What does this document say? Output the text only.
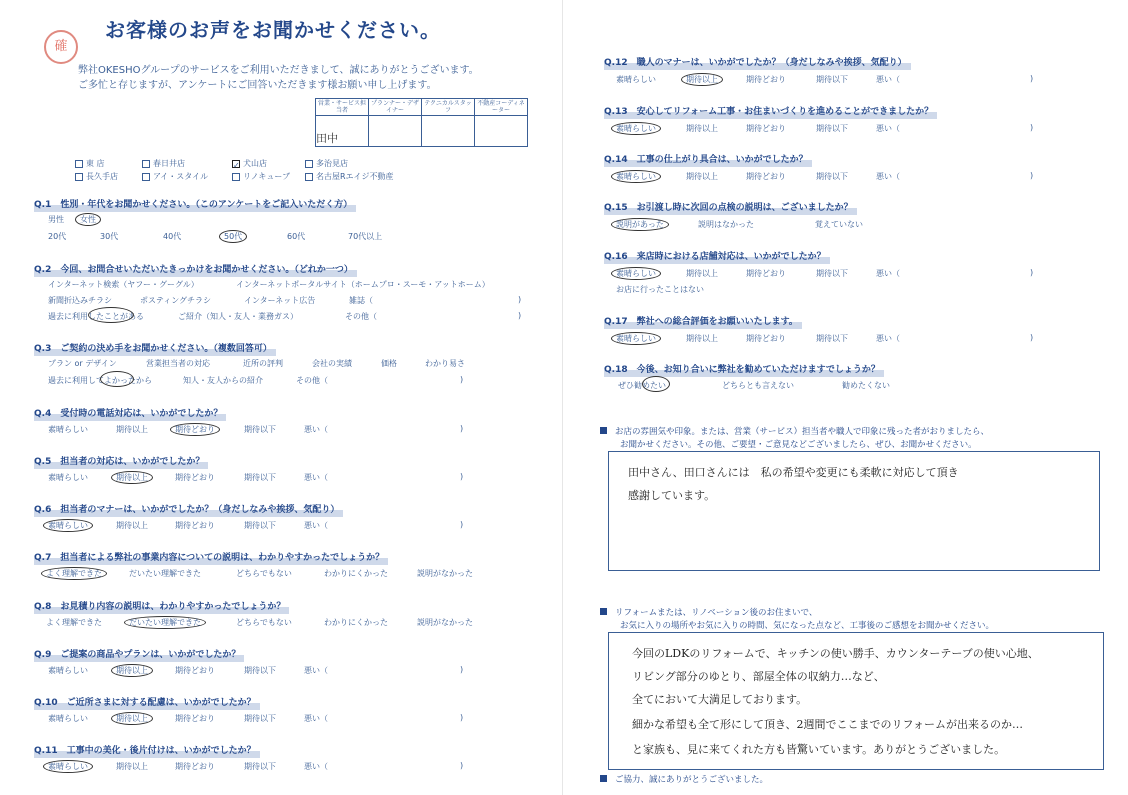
確
お客様のお声をお聞かせください。
弊社OKESHOグループのサービスをご利用いただきまして、誠にありがとうございます。
ご多忙と存じますが、アンケートにご回答いただきます様お願い申し上げます。
営業・サービス担当者	プランナー・デザイナー	テクニカルスタッフ	不動産コーディネーター
田中			
東 店	春日井店	✓ 犬山店	多治見店
長久手店	アイ・スタイル	リノキューブ	名古屋Rエイジ不動産
Q.1　性別・年代をお聞かせください。（このアンケートをご記入いただく方）
男性 女性
20代	30代	40代	50代	60代	70代以上
Q.2　今回、お問合せいただいたきっかけをお聞かせください。（どれか一つ）
インターネット検索（ヤフー・グーグル）	インターネットポータルサイト（ホームプロ・スーモ・アットホーム）
新聞折込みチラシ	ポスティングチラシ	インターネット広告	雑誌（	)
過去に利用したことがある	ご紹介（知人・友人・業務ガス）	その他（	)
Q.3　ご契約の決め手をお聞かせください。（複数回答可）
プラン or デザイン	営業担当者の対応	近所の評判	会社の実績	価格	わかり易さ
過去に利用してよかったから	知人・友人からの紹介	その他（	)
Q.4　受付時の電話対応は、いかがでしたか？
素晴らしい	期待以上	期待どおり	期待以下	悪い（	)
Q.5　担当者の対応は、いかがでしたか？
素晴らしい	期待以上	期待どおり	期待以下	悪い（	)
Q.6　担当者のマナーは、いかがでしたか？（身だしなみや挨拶、気配り）
素晴らしい	期待以上	期待どおり	期待以下	悪い（	)
Q.7　担当者による弊社の事業内容についての説明は、わかりやすかったでしょうか？
よく理解できた	だいたい理解できた	どちらでもない	わかりにくかった	説明がなかった
Q.8　お見積り内容の説明は、わかりやすかったでしょうか？
よく理解できた	だいたい理解できた	どちらでもない	わかりにくかった	説明がなかった
Q.9　ご提案の商品やプランは、いかがでしたか？
素晴らしい	期待以上	期待どおり	期待以下	悪い（	)
Q.10　ご近所さまに対する配慮は、いかがでしたか？
素晴らしい	期待以上	期待どおり	期待以下	悪い（	)
Q.11　工事中の美化・後片付けは、いかがでしたか？
素晴らしい	期待以上	期待どおり	期待以下	悪い（	)
Q.12　職人のマナーは、いかがでしたか？（身だしなみや挨拶、気配り）
素晴らしい	期待以上	期待どおり	期待以下	悪い（	)
Q.13　安心してリフォーム工事・お住まいづくりを進めることができましたか？
素晴らしい	期待以上	期待どおり	期待以下	悪い（	)
Q.14　工事の仕上がり具合は、いかがでしたか？
素晴らしい	期待以上	期待どおり	期待以下	悪い（	)
Q.15　お引渡し時に次回の点検の説明は、ございましたか？
説明があった	説明はなかった	覚えていない
Q.16　来店時における店舗対応は、いかがでしたか？
素晴らしい	期待以上	期待どおり	期待以下	悪い（	)
お店に行ったことはない
Q.17　弊社への総合評価をお願いいたします。
素晴らしい	期待以上	期待どおり	期待以下	悪い（	)
Q.18　今後、お知り合いに弊社を勧めていただけますでしょうか？
ぜひ勧めたい	どちらとも言えない	勧めたくない
お店の雰囲気や印象。または、営業（サービス）担当者や職人で印象に残った者がおりましたら、
お聞かせください。その他、ご要望・ご意見などございましたら、ぜひ、お聞かせください。
田中さん、田口さんには　私の希望や変更にも柔軟に対応して頂き
感謝しています。
リフォームまたは、リノベーション後のお住まいで、
お気に入りの場所やお気に入りの時間、気になった点など、工事後のご感想をお聞かせください。
今回のLDKのリフォームで、キッチンの使い勝手、カウンターテーブの使い心地、
リビング部分のゆとり、部屋全体の収納力…など、
全てにおいて大満足しております。
細かな希望も全て形にして頂き、2週間でここまでのリフォームが出来るのか…
と家族も、見に来てくれた方も皆驚いています。ありがとうございました。
ご協力、誠にありがとうございました。
